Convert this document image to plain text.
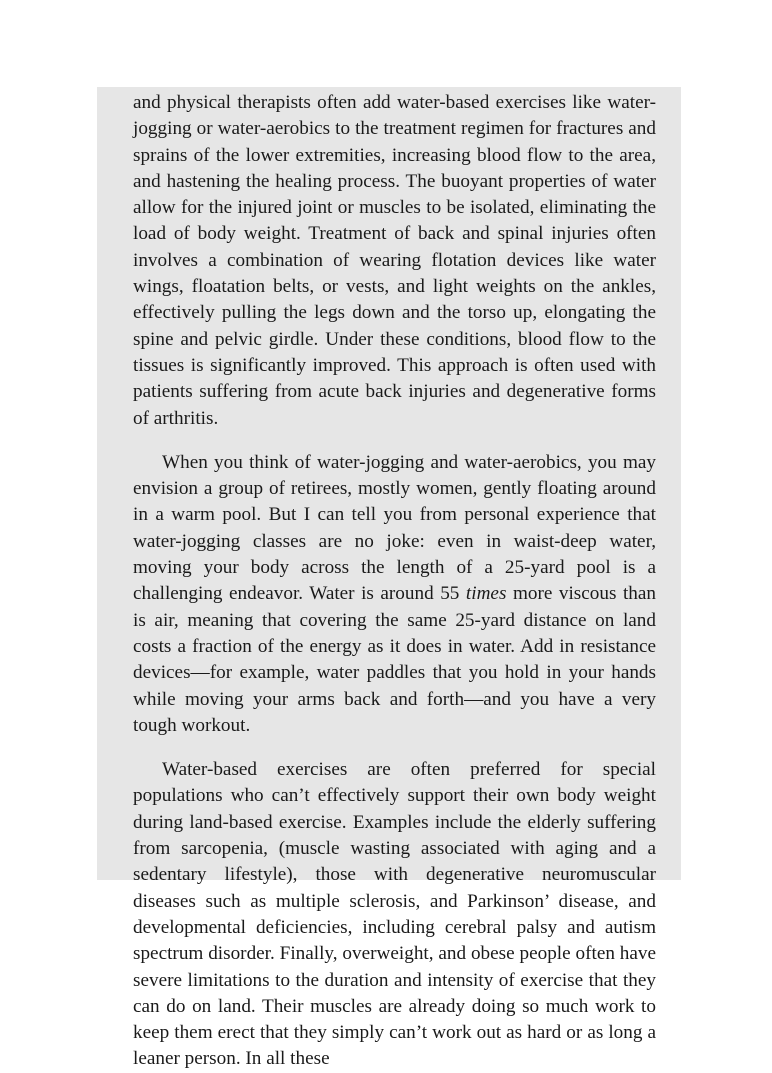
and physical therapists often add water-based exercises like water-jogging or water-aerobics to the treatment regimen for fractures and sprains of the lower extremities, increasing blood flow to the area, and hastening the healing process. The buoyant properties of water allow for the injured joint or muscles to be isolated, eliminating the load of body weight. Treatment of back and spinal injuries often involves a combination of wearing flotation devices like water wings, floatation belts, or vests, and light weights on the ankles, effectively pulling the legs down and the torso up, elongating the spine and pelvic girdle. Under these conditions, blood flow to the tissues is significantly improved. This approach is often used with patients suffering from acute back injuries and degenerative forms of arthritis.

When you think of water-jogging and water-aerobics, you may envision a group of retirees, mostly women, gently floating around in a warm pool. But I can tell you from personal experience that water-jogging classes are no joke: even in waist-deep water, moving your body across the length of a 25-yard pool is a challenging endeavor. Water is around 55 times more viscous than is air, meaning that covering the same 25-yard distance on land costs a fraction of the energy as it does in water. Add in resistance devices—for example, water paddles that you hold in your hands while moving your arms back and forth—and you have a very tough workout.

Water-based exercises are often preferred for special populations who can’t effectively support their own body weight during land-based exercise. Examples include the elderly suffering from sarcopenia, (muscle wasting associated with aging and a sedentary lifestyle), those with degenerative neuromuscular diseases such as multiple sclerosis, and Parkinson’ disease, and developmental deficiencies, including cerebral palsy and autism spectrum disorder. Finally, overweight, and obese people often have severe limitations to the duration and intensity of exercise that they can do on land. Their muscles are already doing so much work to keep them erect that they simply can’t work out as hard or as long a leaner person. In all these
